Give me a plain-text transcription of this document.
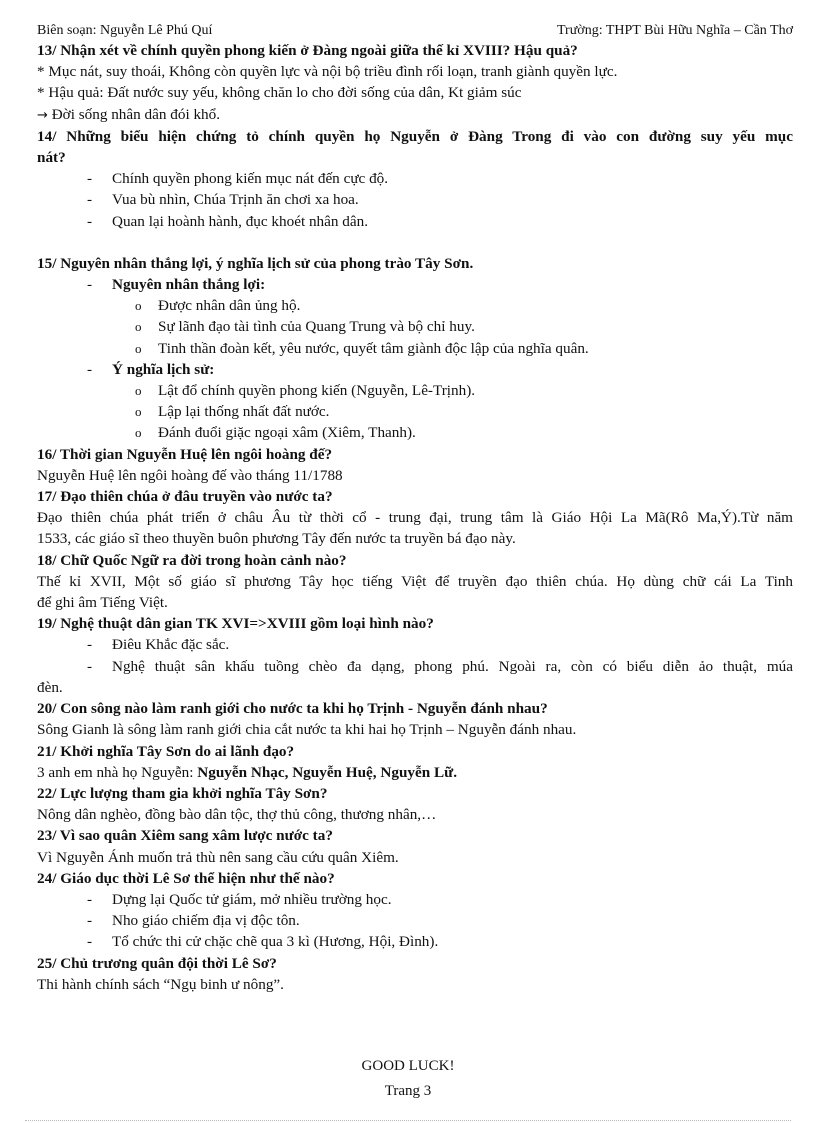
Biên soạn: Nguyễn Lê Phú Quí	Trường: THPT Bùi Hữu Nghĩa – Cần Thơ
13/ Nhận xét về chính quyền phong kiến ở Đàng ngoài giữa thế kỉ XVIII? Hậu quả?
* Mục nát, suy thoái, Không còn quyền lực và nội bộ triều đình rối loạn, tranh giành quyền lực.
* Hậu quả: Đất nước suy yếu, không chăn lo cho đời sống của dân, Kt giảm súc
→ Đời sống nhân dân đói khổ.
14/ Những biểu hiện chứng tỏ chính quyền họ Nguyễn ở Đàng Trong đi vào con đường suy yếu mục
nát?
- Chính quyền phong kiến mục nát đến cực độ.
- Vua bù nhìn, Chúa Trịnh ăn chơi xa hoa.
- Quan lại hoành hành, đục khoét nhân dân.
15/ Nguyên nhân thắng lợi, ý nghĩa lịch sử của phong trào Tây Sơn.
- Nguyên nhân thắng lợi:
o Được nhân dân ủng hộ.
o Sự lãnh đạo tài tình của Quang Trung và bộ chỉ huy.
o Tinh thần đoàn kết, yêu nước, quyết tâm giành độc lập của nghĩa quân.
- Ý nghĩa lịch sử:
o Lật đổ chính quyền phong kiến (Nguyễn, Lê-Trịnh).
o Lập lại thống nhất đất nước.
o Đánh đuổi giặc ngoại xâm (Xiêm, Thanh).
16/ Thời gian Nguyễn Huệ lên ngôi hoàng đế?
Nguyễn Huệ lên ngôi hoàng đế vào tháng 11/1788
17/ Đạo thiên chúa ở đâu truyền vào nước ta?
Đạo thiên chúa phát triển ở châu Âu từ thời cổ - trung đại, trung tâm là Giáo Hội La Mã(Rô Ma,Ý).Từ năm
1533, các giáo sĩ theo thuyền buôn phương Tây đến nước ta truyền bá đạo này.
18/ Chữ Quốc Ngữ ra đời trong hoàn cảnh nào?
Thế kỉ XVII, Một số giáo sĩ phương Tây học tiếng Việt để truyền đạo thiên chúa. Họ dùng chữ cái La Tinh
để ghi âm Tiếng Việt.
19/ Nghệ thuật dân gian TK XVI=>XVIII gồm loại hình nào?
- Điêu Khắc đặc sắc.
- Nghệ thuật sân khấu tuồng chèo đa dạng, phong phú. Ngoài ra, còn có biểu diễn ảo thuật, múa
đèn.
20/ Con sông nào làm ranh giới cho nước ta khi họ Trịnh - Nguyễn đánh nhau?
Sông Gianh là sông làm ranh giới chia cắt nước ta khi hai họ Trịnh – Nguyễn đánh nhau.
21/ Khởi nghĩa Tây Sơn do ai lãnh đạo?
3 anh em nhà họ Nguyễn: Nguyễn Nhạc, Nguyễn Huệ, Nguyễn Lữ.
22/ Lực lượng tham gia khởi nghĩa Tây Sơn?
Nông dân nghèo, đồng bào dân tộc, thợ thủ công, thương nhân,…
23/ Vì sao quân Xiêm sang xâm lược nước ta?
Vì Nguyễn Ánh muốn trả thù nên sang cầu cứu quân Xiêm.
24/ Giáo dục thời Lê Sơ thể hiện như thế nào?
- Dựng lại Quốc tử giám, mở nhiều trường học.
- Nho giáo chiếm địa vị độc tôn.
- Tổ chức thi cử chặc chẽ qua 3 kì (Hương, Hội, Đình).
25/ Chủ trương quân đội thời Lê Sơ?
Thi hành chính sách “Ngụ binh ư nông”.
GOOD LUCK!
Trang 3
